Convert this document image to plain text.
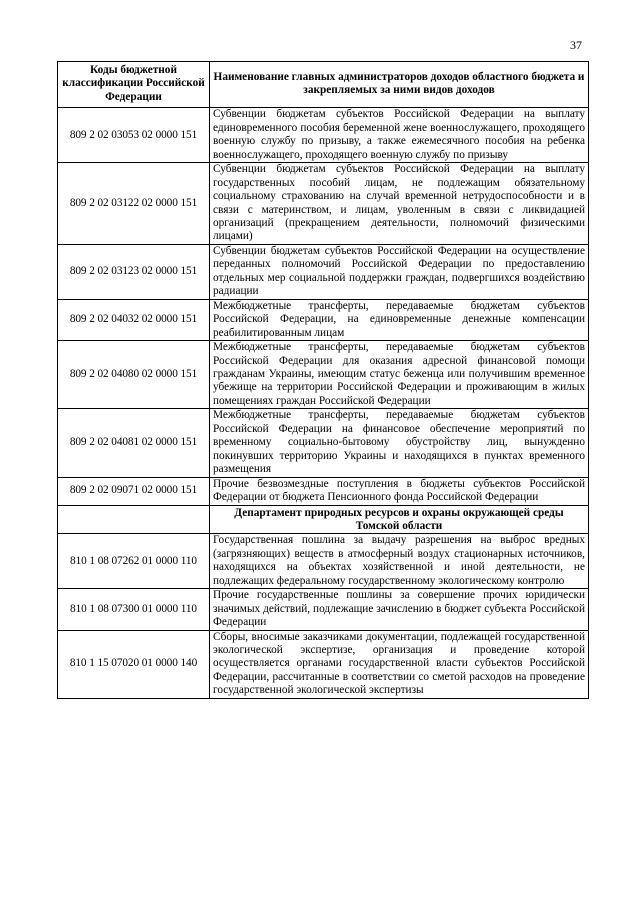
37
Коды бюджетной классификации Российской Федерации	Наименование главных администраторов доходов областного бюджета и закрепляемых за ними видов доходов
809 2 02 03053 02 0000 151	Субвенции бюджетам субъектов Российской Федерации на выплату единовременного пособия беременной жене военнослужащего, проходящего военную службу по призыву, а также ежемесячного пособия на ребенка военнослужащего, проходящего военную службу по призыву
809 2 02 03122 02 0000 151	Субвенции бюджетам субъектов Российской Федерации на выплату государственных пособий лицам, не подлежащим обязательному социальному страхованию на случай временной нетрудоспособности и в связи с материнством, и лицам, уволенным в связи с ликвидацией организаций (прекращением деятельности, полномочий физическими лицами)
809 2 02 03123 02 0000 151	Субвенции бюджетам субъектов Российской Федерации на осуществление переданных полномочий Российской Федерации по предоставлению отдельных мер социальной поддержки граждан, подвергшихся воздействию радиации
809 2 02 04032 02 0000 151	Межбюджетные трансферты, передаваемые бюджетам субъектов Российской Федерации, на единовременные денежные компенсации реабилитированным лицам
809 2 02 04080 02 0000 151	Межбюджетные трансферты, передаваемые бюджетам субъектов Российской Федерации для оказания адресной финансовой помощи гражданам Украины, имеющим статус беженца или получившим временное убежище на территории Российской Федерации и проживающим в жилых помещениях граждан Российской Федерации
809 2 02 04081 02 0000 151	Межбюджетные трансферты, передаваемые бюджетам субъектов Российской Федерации на финансовое обеспечение мероприятий по временному социально-бытовому обустройству лиц, вынужденно покинувших территорию Украины и находящихся в пунктах временного размещения
809 2 02 09071 02 0000 151	Прочие безвозмездные поступления в бюджеты субъектов Российской Федерации от бюджета Пенсионного фонда Российской Федерации
	Департамент природных ресурсов и охраны окружающей среды Томской области
810 1 08 07262 01 0000 110	Государственная пошлина за выдачу разрешения на выброс вредных (загрязняющих) веществ в атмосферный воздух стационарных источников, находящихся на объектах хозяйственной и иной деятельности, не подлежащих федеральному государственному экологическому контролю
810 1 08 07300 01 0000 110	Прочие государственные пошлины за совершение прочих юридически значимых действий, подлежащие зачислению в бюджет субъекта Российской Федерации
810 1 15 07020 01 0000 140	Сборы, вносимые заказчиками документации, подлежащей государственной экологической экспертизе, организация и проведение которой осуществляется органами государственной власти субъектов Российской Федерации, рассчитанные в соответствии со сметой расходов на проведение государственной экологической экспертизы
